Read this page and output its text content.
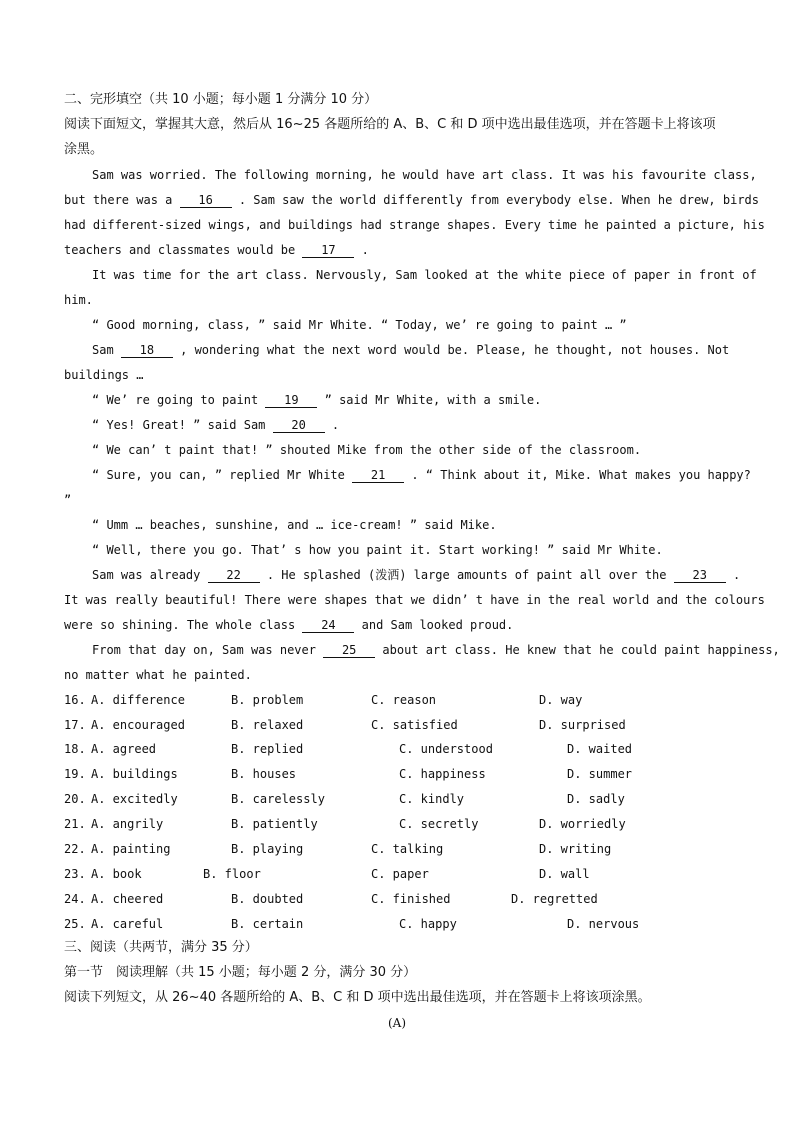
二、完形填空（共 10 小题；每小题 1 分满分 10 分）
阅读下面短文，掌握其大意，然后从 16~25 各题所给的 A、B、C 和 D 项中选出最佳选项，并在答题卡上将该项
涂黑。
Sam was worried. The following morning, he would have art class. It was his favourite class,
but there was a 16 . Sam saw the world differently from everybody else. When he drew, birds
had different-sized wings, and buildings had strange shapes. Every time he painted a picture, his
teachers and classmates would be 17 .
It was time for the art class. Nervously, Sam looked at the white piece of paper in front of
him.
“ Good morning, class, ” said Mr White. “ Today, we’ re going to paint … ”
Sam 18 , wondering what the next word would be. Please, he thought, not houses. Not
buildings …
“ We’ re going to paint 19 ” said Mr White, with a smile.
“ Yes! Great! ” said Sam 20 .
“ We can’ t paint that! ” shouted Mike from the other side of the classroom.
“ Sure, you can, ” replied Mr White 21 . “ Think about it, Mike. What makes you happy?
”
“ Umm … beaches, sunshine, and … ice-cream! ” said Mike.
“ Well, there you go. That’ s how you paint it. Start working! ” said Mr White.
Sam was already 22 . He splashed (泼洒) large amounts of paint all over the 23 .
It was really beautiful! There were shapes that we didn’ t have in the real world and the colours
were so shining. The whole class 24 and Sam looked proud.
From that day on, Sam was never 25 about art class. He knew that he could paint happiness,
no matter what he painted.
16. A. difference	B. problem	C. reason	D. way
17. A. encouraged	B. relaxed	C. satisfied	D. surprised
18. A. agreed	B. replied	C. understood	D. waited
19. A. buildings	B. houses	C. happiness	D. summer
20. A. excitedly	B. carelessly	C. kindly	D. sadly
21. A. angrily	B. patiently	C. secretly	D. worriedly
22. A. painting	B. playing	C. talking	D. writing
23. A. book	B. floor	C. paper	D. wall
24. A. cheered	B. doubted	C. finished	D. regretted
25. A. careful	B. certain	C. happy	D. nervous
三、阅读（共两节，满分 35 分）
第一节　阅读理解（共 15 小题；每小题 2 分，满分 30 分）
阅读下列短文，从 26~40 各题所给的 A、B、C 和 D 项中选出最佳选项，并在答题卡上将该项涂黑。
(A)
